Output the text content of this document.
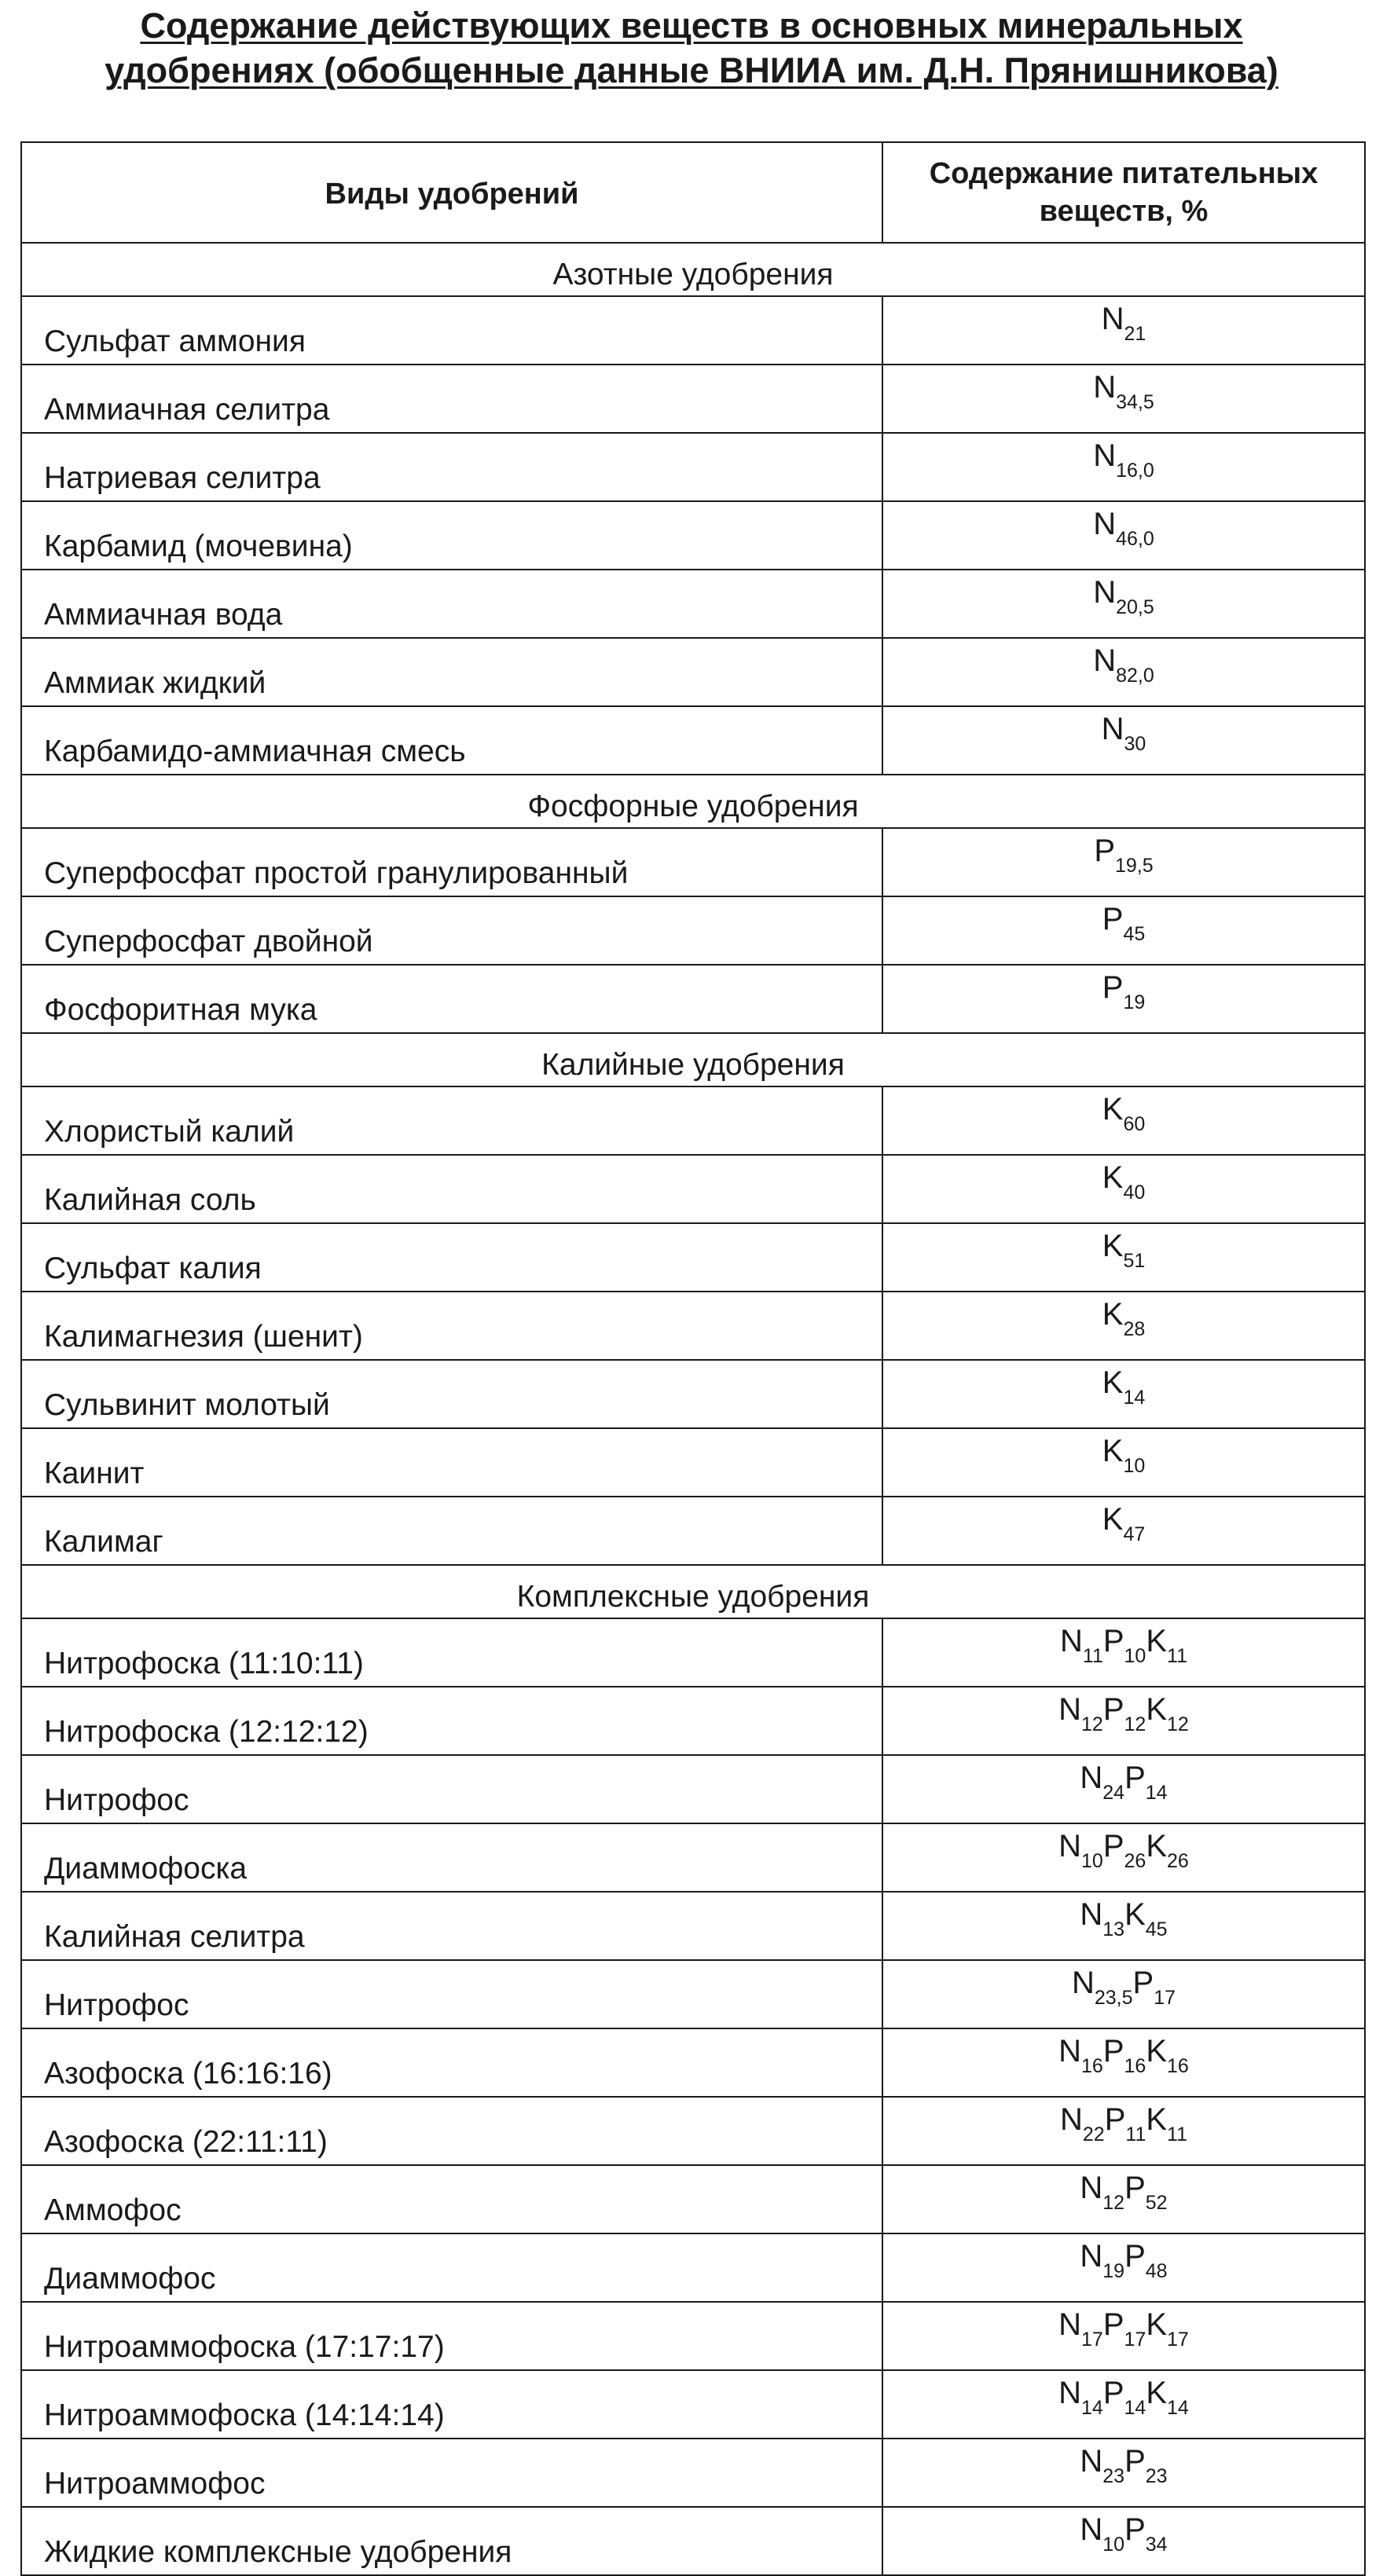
Содержание действующих веществ в основных минеральных удобрениях (обобщенные данные ВНИИА им. Д.Н. Прянишникова)
Виды удобрений	Содержание питательных веществ, %
Азотные удобрения	
Сульфат аммония	$N_{21}$
Аммиачная селитра	$N_{34,5}$
Натриевая селитра	$N_{16,0}$
Карбамид (мочевина)	$N_{46,0}$
Аммиачная вода	$N_{20,5}$
Аммиак жидкий	$N_{82,0}$
Карбамидо-аммиачная смесь	$N_{30}$
Фосфорные удобрения	
Суперфосфат простой гранулированный	$P_{19,5}$
Суперфосфат двойной	$P_{45}$
Фосфоритная мука	$P_{19}$
Калийные удобрения	
Хлористый калий	$K_{60}$
Калийная соль	$K_{40}$
Сульфат калия	$K_{51}$
Калимагнезия (шенит)	$K_{28}$
Сульвинит молотый	$K_{14}$
Каинит	$K_{10}$
Калимаг	$K_{47}$
Комплексные удобрения	
Нитрофоска (11:10:11)	$N_{11}P_{10}K_{11}$
Нитрофоска (12:12:12)	$N_{12}P_{12}K_{12}$
Нитрофос	$N_{24}P_{14}$
Диаммофоска	$N_{10}P_{26}K_{26}$
Калийная селитра	$N_{13}K_{45}$
Нитрофос	$N_{23,5}P_{17}$
Азофоска (16:16:16)	$N_{16}P_{16}K_{16}$
Азофоска (22:11:11)	$N_{22}P_{11}K_{11}$
Аммофос	$N_{12}P_{52}$
Диаммофос	$N_{19}P_{48}$
Нитроаммофоска (17:17:17)	$N_{17}P_{17}K_{17}$
Нитроаммофоска (14:14:14)	$N_{14}P_{14}K_{14}$
Нитроаммофос	$N_{23}P_{23}$
Жидкие комплексные удобрения	$N_{10}P_{34}$
